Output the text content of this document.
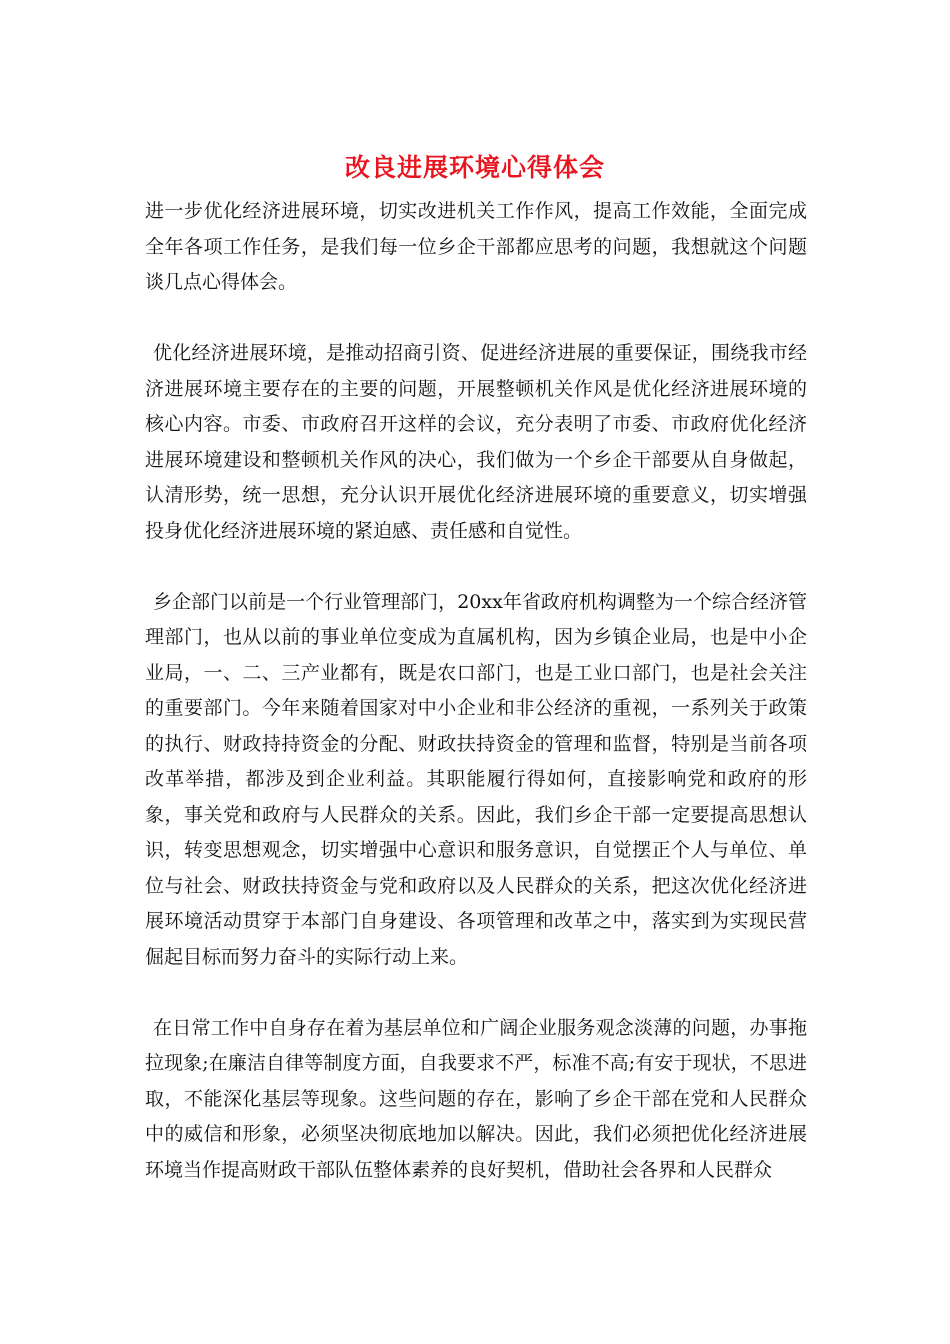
改良进展环境心得体会

进一步优化经济进展环境，切实改进机关工作作风，提高工作效能，全面完成全年各项工作任务，是我们每一位乡企干部都应思考的问题，我想就这个问题谈几点心得体会。

优化经济进展环境，是推动招商引资、促进经济进展的重要保证，围绕我市经济进展环境主要存在的主要的问题，开展整顿机关作风是优化经济进展环境的核心内容。市委、市政府召开这样的会议，充分表明了市委、市政府优化经济进展环境建设和整顿机关作风的决心，我们做为一个乡企干部要从自身做起，认清形势，统一思想，充分认识开展优化经济进展环境的重要意义，切实增强投身优化经济进展环境的紧迫感、责任感和自觉性。

乡企部门以前是一个行业管理部门，20xx年省政府机构调整为一个综合经济管理部门，也从以前的事业单位变成为直属机构，因为乡镇企业局，也是中小企业局，一、二、三产业都有，既是农口部门，也是工业口部门，也是社会关注的重要部门。今年来随着国家对中小企业和非公经济的重视，一系列关于政策的执行、财政持持资金的分配、财政扶持资金的管理和监督，特别是当前各项改革举措，都涉及到企业利益。其职能履行得如何，直接影响党和政府的形象，事关党和政府与人民群众的关系。因此，我们乡企干部一定要提高思想认识，转变思想观念，切实增强中心意识和服务意识，自觉摆正个人与单位、单位与社会、财政扶持资金与党和政府以及人民群众的关系，把这次优化经济进展环境活动贯穿于本部门自身建设、各项管理和改革之中，落实到为实现民营倔起目标而努力奋斗的实际行动上来。

在日常工作中自身存在着为基层单位和广阔企业服务观念淡薄的问题，办事拖拉现象;在廉洁自律等制度方面，自我要求不严，标准不高;有安于现状，不思进取，不能深化基层等现象。这些问题的存在，影响了乡企干部在党和人民群众中的威信和形象，必须坚决彻底地加以解决。因此，我们必须把优化经济进展环境当作提高财政干部队伍整体素养的良好契机，借助社会各界和人民群众
